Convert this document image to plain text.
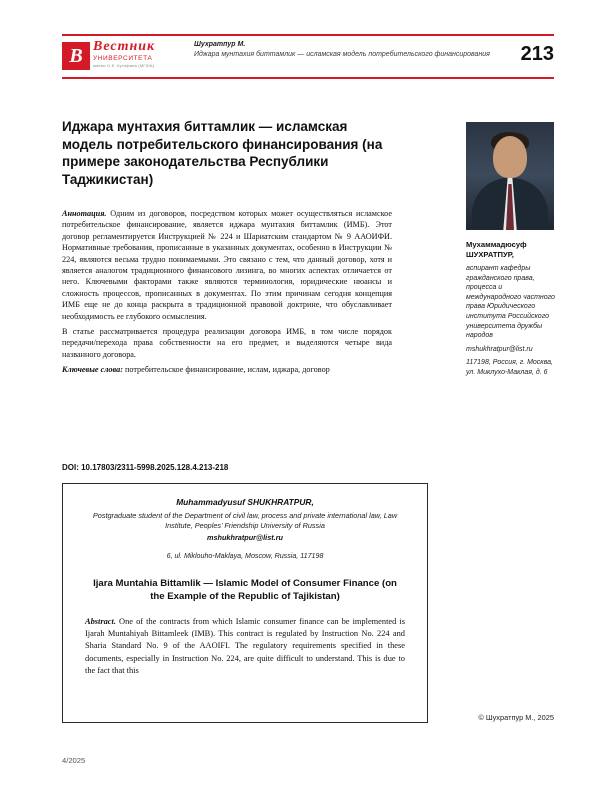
В Вестник
УНИВЕРСИТЕТА
имени О.Е. Кутафина (МГЮА)
Шухратпур М.
Иджара мунтахия биттамлик — исламская модель потребительского финансирования 213
Иджара мунтахия биттамлик — исламская модель потребительского финансирования (на примере законодательства Республики Таджикистан)
Мухаммадюсуф
ШУХРАТПУР,
аспирант кафедры гражданского права, процесса и международного частного права Юридического института Российского университета дружбы народов
mshukhratpur@list.ru
117198, Россия, г. Москва, ул. Миклухо-Маклая, д. 6

Аннотация. Одним из договоров, посредством которых может осуществляться исламское потребительское финансирование, является иджара мунтахия биттамлик (ИМБ). Этот договор регламентируется Инструкцией № 224 и Шариатским стандартом № 9 ААОИФИ. Нормативные требования, прописанные в указанных документах, особенно в Инструкции № 224, являются весьма трудно понимаемыми. Это связано с тем, что данный договор, хотя и является аналогом традиционного финансового лизинга, во многих аспектах отличается от него. Ключевыми факторами также являются терминология, юридические нюансы и сложность процессов, прописанных в документах. По этим причинам сегодня концепция ИМБ еще не до конца раскрыта в традиционной правовой доктрине, что обуславливает необходимость ее глубокого осмысления.

В статье рассматривается процедура реализации договора ИМБ, в том числе порядок передачи/перехода права собственности на его предмет, и выделяются четыре вида названного договора.

Ключевые слова: потребительское финансирование, ислам, иджара, договор

DOI: 10.17803/2311-5998.2025.128.4.213-218
Muhammadyusuf SHUKHRATPUR,
Postgraduate student of the Department of civil law, process and private international law, Law Institute, Peoples’ Friendship University of Russia
mshukhratpur@list.ru
6, ul. Miklouho-Maklaya, Moscow, Russia, 117198
Ijara Muntahia Bittamlik — Islamic Model of Consumer Finance (on the Example of the Republic of Tajikistan)
Abstract. One of the contracts from which Islamic consumer finance can be implemented is Ijarah Muntahiyah Bittamleek (IMB). This contract is regulated by Instruction No. 224 and Sharia Standard No. 9 of the AAOIFI. The regulatory requirements specified in these documents, especially in Instruction No. 224, are quite difficult to understand. This is due to the fact that this
© Шухратпур М., 2025
4/2025
